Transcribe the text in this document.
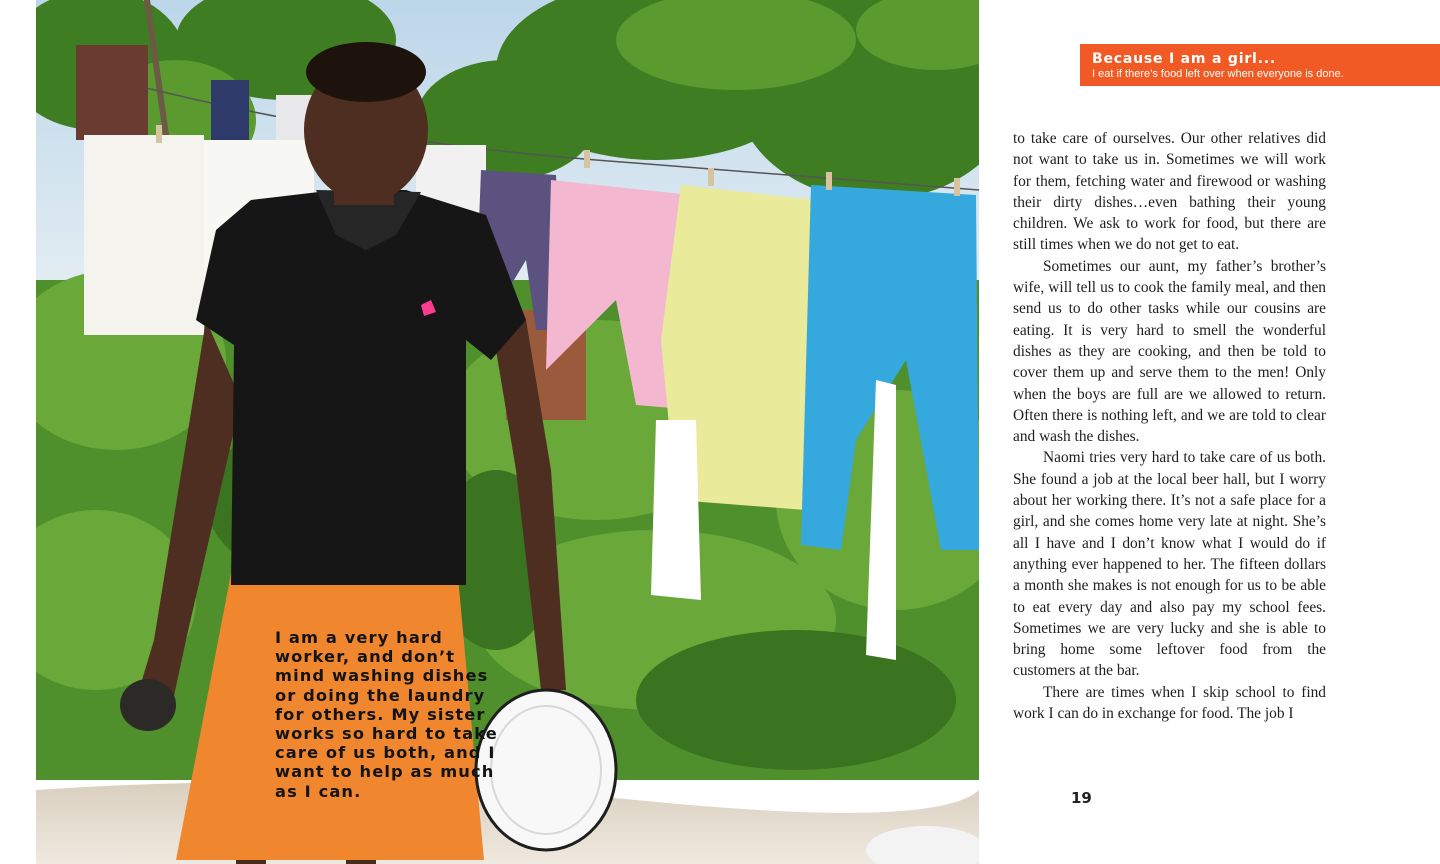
I am a very hard worker, and don’t mind washing dishes or doing the laundry for others. My sister works so hard to take care of us both, and I want to help as much as I can.

Because I am a girl...

I eat if there’s food left over when everyone is done.

to take care of ourselves. Our other relatives did not want to take us in. Sometimes we will work for them, fetching water and firewood or washing their dirty dishes…even bathing their young children. We ask to work for food, but there are still times when we do not get to eat.

Sometimes our aunt, my father’s brother’s wife, will tell us to cook the family meal, and then send us to do other tasks while our cousins are eating. It is very hard to smell the wonderful dishes as they are cooking, and then be told to cover them up and serve them to the men! Only when the boys are full are we allowed to return. Often there is nothing left, and we are told to clear and wash the dishes.

Naomi tries very hard to take care of us both. She found a job at the local beer hall, but I worry about her working there. It’s not a safe place for a girl, and she comes home very late at night. She’s all I have and I don’t know what I would do if anything ever happened to her. The fifteen dollars a month she makes is not enough for us to be able to eat every day and also pay my school fees. Sometimes we are very lucky and she is able to bring home some leftover food from the customers at the bar.

There are times when I skip school to find work I can do in exchange for food. The job I

19
